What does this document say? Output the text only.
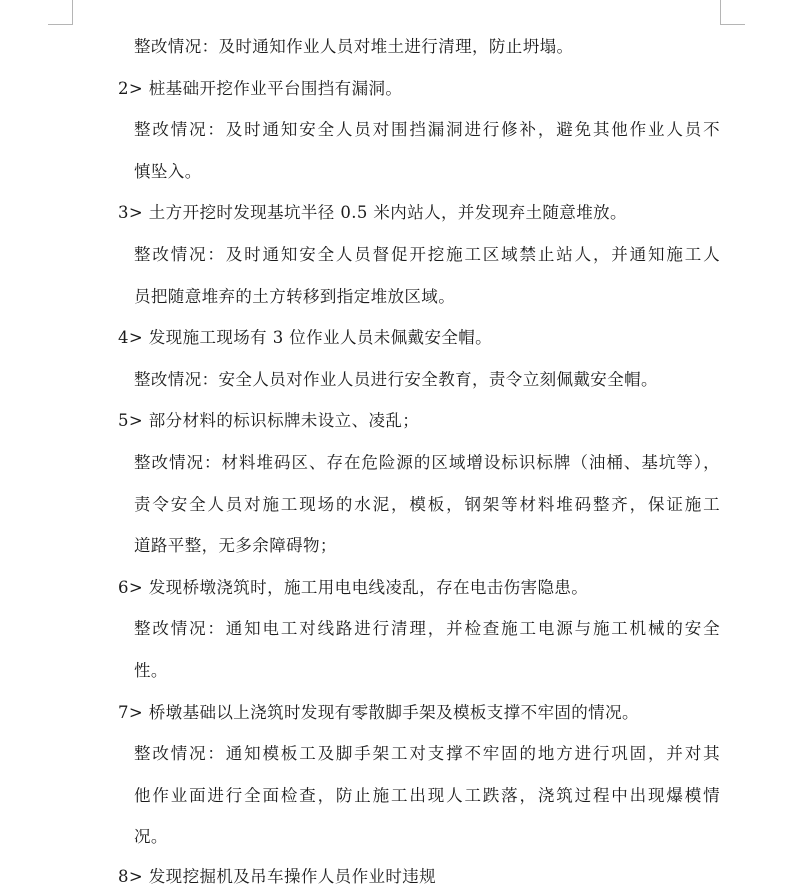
整改情况：及时通知作业人员对堆土进行清理，防止坍塌。
2> 桩基础开挖作业平台围挡有漏洞。
整改情况：及时通知安全人员对围挡漏洞进行修补，避免其他作业人员不
慎坠入。
3> 土方开挖时发现基坑半径 0.5 米内站人，并发现弃土随意堆放。
整改情况：及时通知安全人员督促开挖施工区域禁止站人，并通知施工人
员把随意堆弃的土方转移到指定堆放区域。
4> 发现施工现场有 3 位作业人员未佩戴安全帽。
整改情况：安全人员对作业人员进行安全教育，责令立刻佩戴安全帽。
5> 部分材料的标识标牌未设立、凌乱；
整改情况：材料堆码区、存在危险源的区域增设标识标牌（油桶、基坑等），
责令安全人员对施工现场的水泥，模板，钢架等材料堆码整齐，保证施工
道路平整，无多余障碍物；
6> 发现桥墩浇筑时，施工用电电线凌乱，存在电击伤害隐患。
整改情况：通知电工对线路进行清理，并检查施工电源与施工机械的安全
性。
7> 桥墩基础以上浇筑时发现有零散脚手架及模板支撑不牢固的情况。
整改情况：通知模板工及脚手架工对支撑不牢固的地方进行巩固，并对其
他作业面进行全面检查，防止施工出现人工跌落，浇筑过程中出现爆模情
况。
8> 发现挖掘机及吊车操作人员作业时违规
